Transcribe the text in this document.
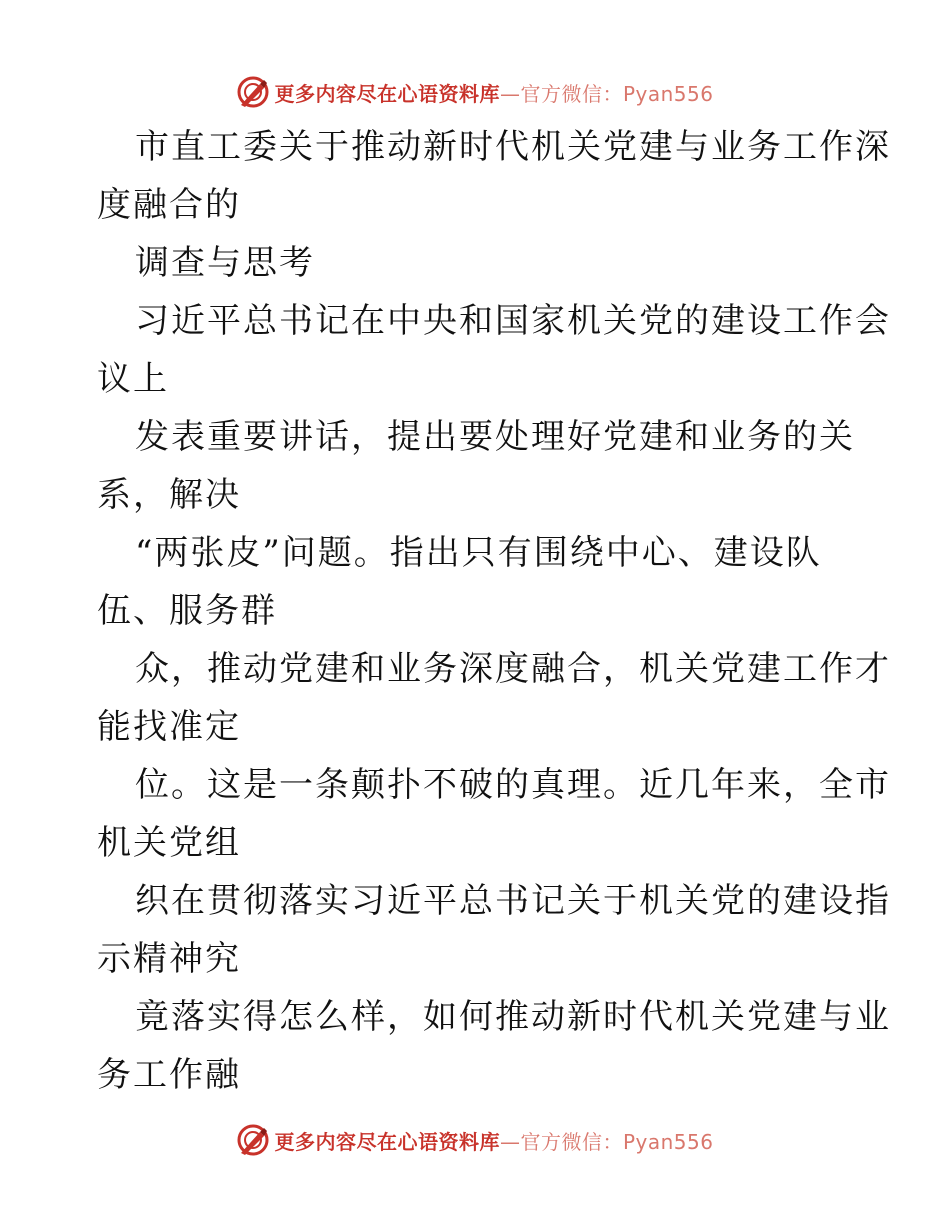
更多内容尽在心语资料库—官方微信：Pyan556
市直工委关于推动新时代机关党建与业务工作深
度融合的
调查与思考
习近平总书记在中央和国家机关党的建设工作会
议上
发表重要讲话，提出要处理好党建和业务的关
系，解决
“两张皮”问题。指出只有围绕中心、建设队
伍、服务群
众，推动党建和业务深度融合，机关党建工作才
能找准定
位。这是一条颠扑不破的真理。近几年来，全市
机关党组
织在贯彻落实习近平总书记关于机关党的建设指
示精神究
竟落实得怎么样，如何推动新时代机关党建与业
务工作融
更多内容尽在心语资料库—官方微信：Pyan556
